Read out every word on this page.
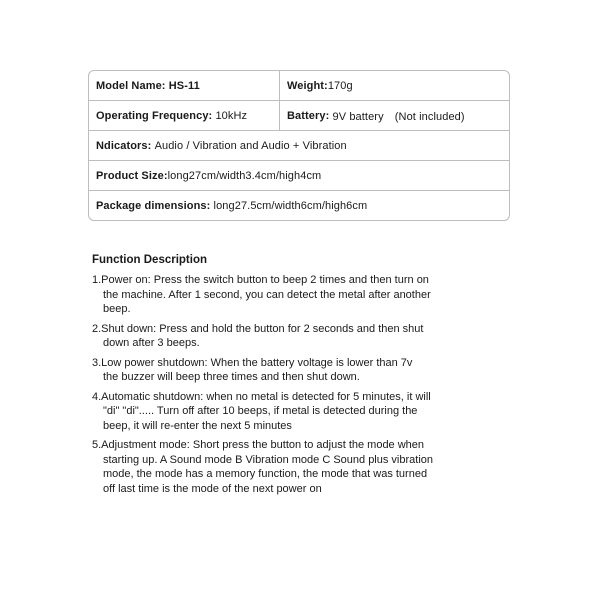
Model Name:
HS-11	Weight: 170g
Operating Frequency:
10kHz	Battery:
9V battery　(Not included)
Ndicators:
Audio / Vibration and Audio + Vibration
Product Size: long27cm/width3.4cm/high4cm
Package dimensions:
long27.5cm/width6cm/high6cm
Function Description
1.Power on: Press the switch button to beep 2 times and then turn on
the machine. After 1 second, you can detect the metal after another
beep.
2.Shut down: Press and hold the button for 2 seconds and then shut
down after 3 beeps.
3.Low power shutdown: When the battery voltage is lower than 7v
the buzzer will beep three times and then shut down.
4.Automatic shutdown: when no metal is detected for 5 minutes, it will
"di" "di"..... Turn off after 10 beeps, if metal is detected during the
beep, it will re-enter the next 5 minutes
5.Adjustment mode: Short press the button to adjust the mode when
starting up. A Sound mode B Vibration mode C Sound plus vibration
mode, the mode has a memory function, the mode that was turned
off last time is the mode of the next power on
